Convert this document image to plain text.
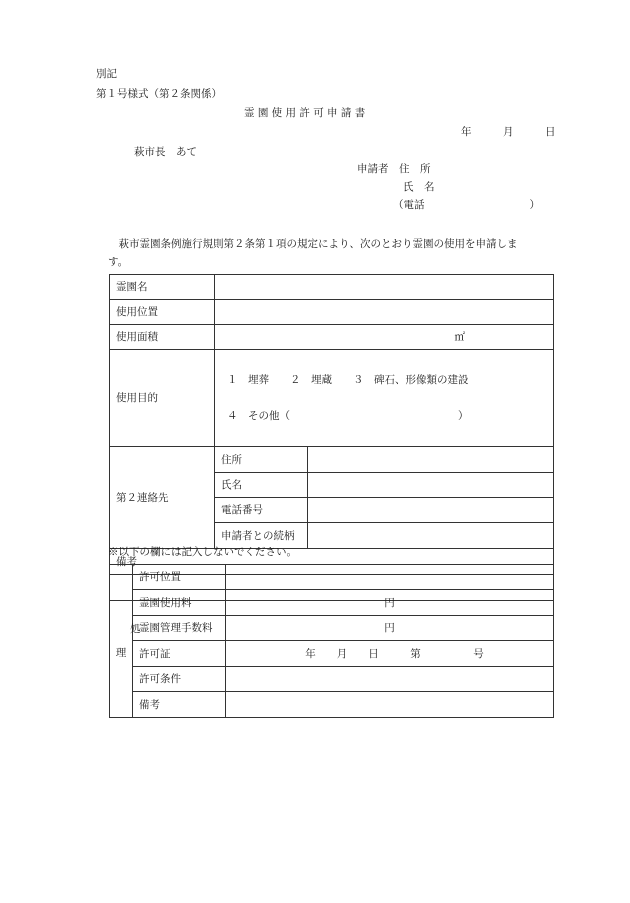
別記
第１号様式（第２条関係）
霊 園 使 用 許 可 申 請 書
年　　　月　　　日
萩市長　あて
申請者　住　所
氏　名
（電話　　　　　　　　　　）
　萩市霊園条例施行規則第２条第１項の規定により、次のとおり霊園の使用を申請しま
す。
霊園名		
使用位置		
使用面積	㎡	
使用目的	１　埋葬　　２　埋蔵　　３　碑石、形像類の建設

４　その他（　　　　　　　　　　　　　　　　）	

第２連絡先	住所	
	氏名	
	電話番号	
	申請者との続柄	
備考		

※以下の欄には記入しないでください。

処
理	許可位置	
	霊園使用料	円
	霊園管理手数料	円
	許可証	年　　月　　日　　　第　　　　　号
	許可条件	
	備考	
